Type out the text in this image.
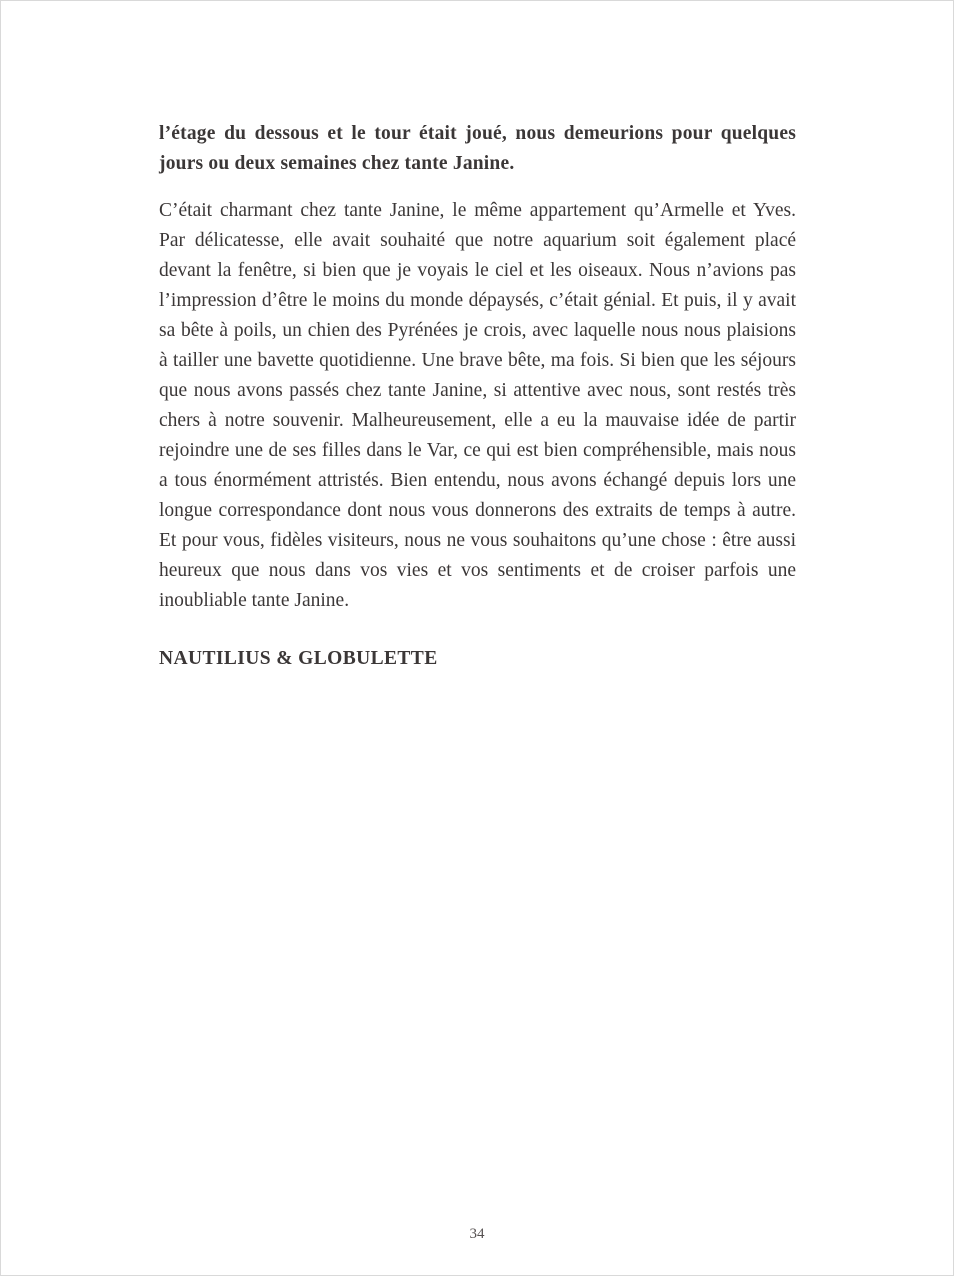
l’étage du dessous et le tour était joué, nous demeurions pour quelques jours ou deux semaines chez tante Janine.

C’était charmant chez tante Janine, le même appartement qu’Armelle et Yves. Par délicatesse, elle avait souhaité que notre aquarium soit également placé devant la fenêtre, si bien que je voyais le ciel et les oiseaux. Nous n’avions pas l’impression d’être le moins du monde dépaysés, c’était génial. Et puis, il y avait sa bête à poils, un chien des Pyrénées je crois, avec laquelle nous nous plaisions à tailler une bavette quotidienne. Une brave bête, ma fois. Si bien que les séjours que nous avons passés chez tante Janine, si attentive avec nous, sont restés très chers à notre souvenir. Malheureusement, elle a eu la mauvaise idée de partir rejoindre une de ses filles dans le Var, ce qui est bien compréhensible, mais nous a tous énormément attristés. Bien entendu, nous avons échangé depuis lors une longue correspondance dont nous vous donnerons des extraits de temps à autre. Et pour vous, fidèles visiteurs, nous ne vous souhaitons qu’une chose : être aussi heureux que nous dans vos vies et vos sentiments et de croiser parfois une inoubliable tante Janine.

NAUTILIUS & GLOBULETTE

34
